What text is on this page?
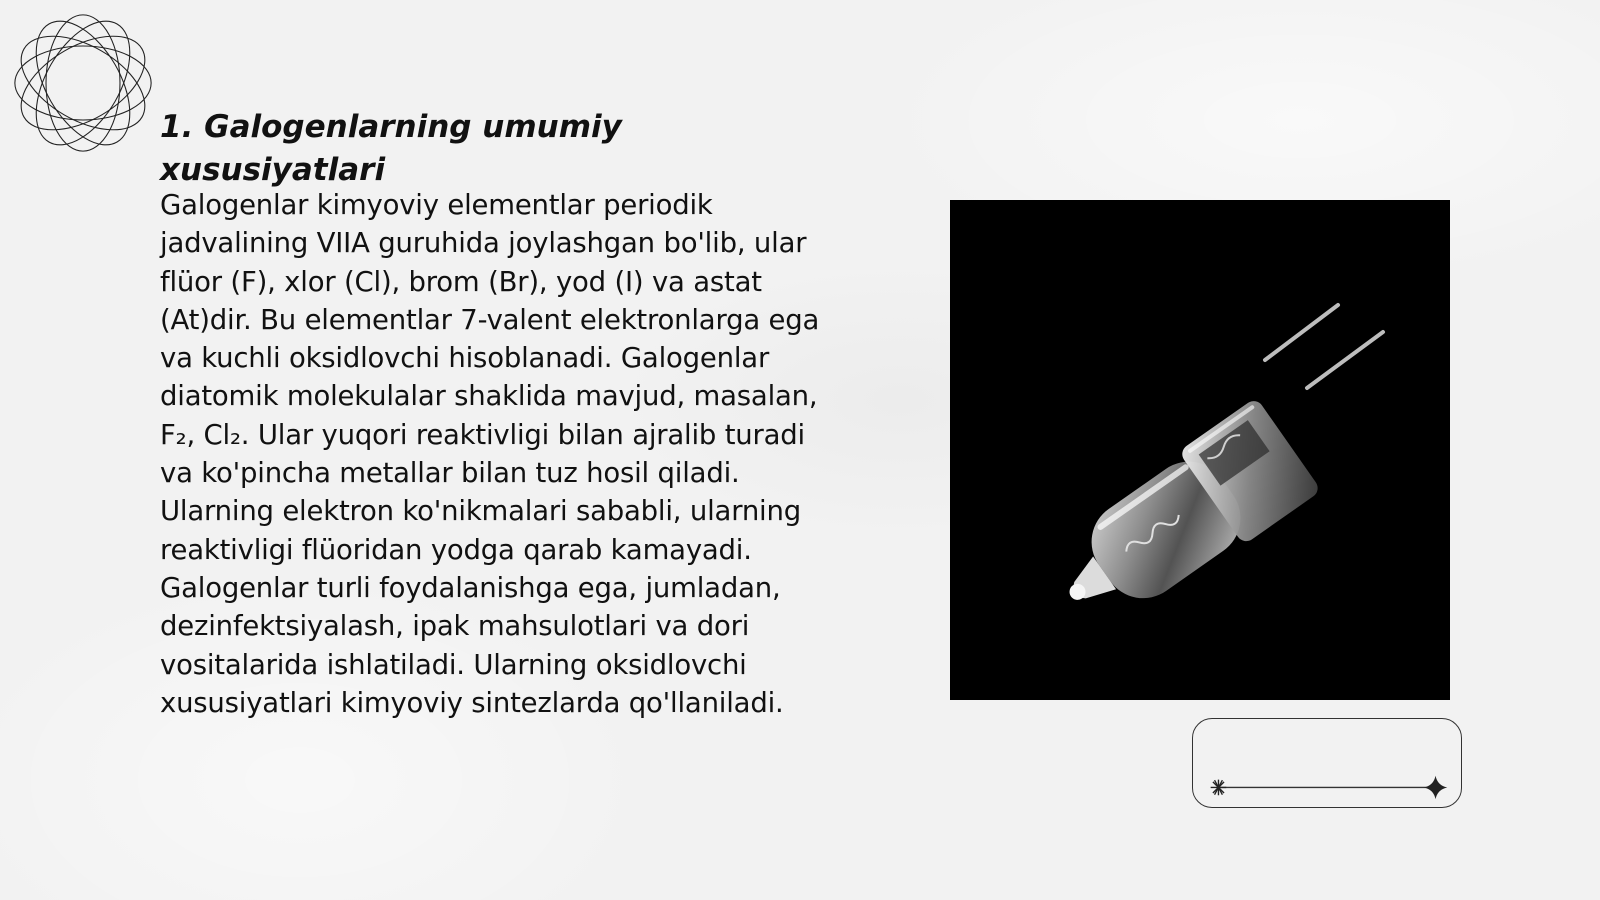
1. Galogenlarning umumiy xususiyatlari

Galogenlar kimyoviy elementlar periodik jadvalining VIIA guruhida joylashgan bo'lib, ular flüor (F), xlor (Cl), brom (Br), yod (I) va astat (At)dir. Bu elementlar 7-valent elektronlarga ega va kuchli oksidlovchi hisoblanadi. Galogenlar diatomik molekulalar shaklida mavjud, masalan, F₂, Cl₂. Ular yuqori reaktivligi bilan ajralib turadi va ko'pincha metallar bilan tuz hosil qiladi. Ularning elektron ko'nikmalari sababli, ularning reaktivligi flüoridan yodga qarab kamayadi. Galogenlar turli foydalanishga ega, jumladan, dezinfektsiyalash, ipak mahsulotlari va dori vositalarida ishlatiladi. Ularning oksidlovchi xususiyatlari kimyoviy sintezlarda qo'llaniladi.
